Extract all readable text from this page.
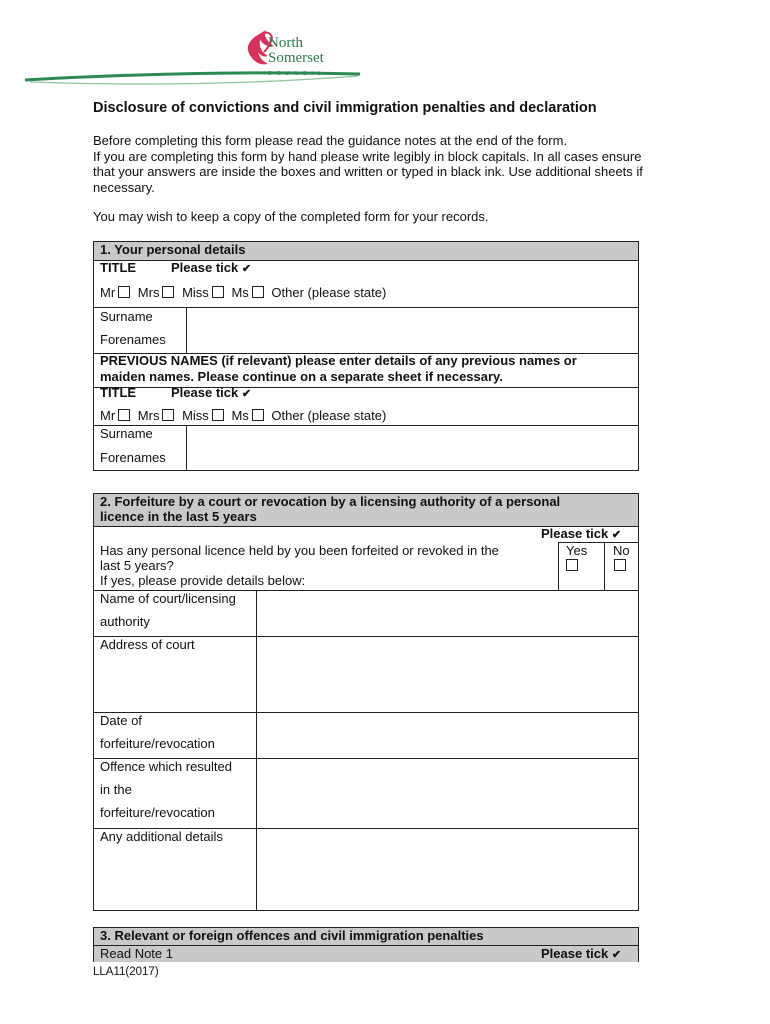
North
Somerset
COUNCIL
Disclosure of convictions and civil immigration penalties and declaration
Before completing this form please read the guidance notes at the end of the form.
If you are completing this form by hand please write legibly in block capitals. In all cases ensure that your answers are inside the boxes and written or typed in black ink. Use additional sheets if necessary.
You may wish to keep a copy of the completed form for your records.
1. Your personal details
TITLE	Please tick ✔
Mr Mrs Miss Ms Other (please state)
Surname
Forenames
PREVIOUS NAMES (if relevant) please enter details of any previous names or
maiden names. Please continue on a separate sheet if necessary.
TITLE	Please tick ✔
Mr Mrs Miss Ms Other (please state)
Surname
Forenames
2. Forfeiture by a court or revocation by a licensing authority of a personal
licence in the last 5 years
Please tick ✔
Has any personal licence held by you been forfeited or revoked in the
last 5 years?
If yes, please provide details below:
Yes No
Name of court/licensing
authority
Address of court
Date of
forfeiture/revocation
Offence which resulted
in the
forfeiture/revocation
Any additional details
3. Relevant or foreign offences and civil immigration penalties
Read Note 1	Please tick ✔
LLA11(2017)
